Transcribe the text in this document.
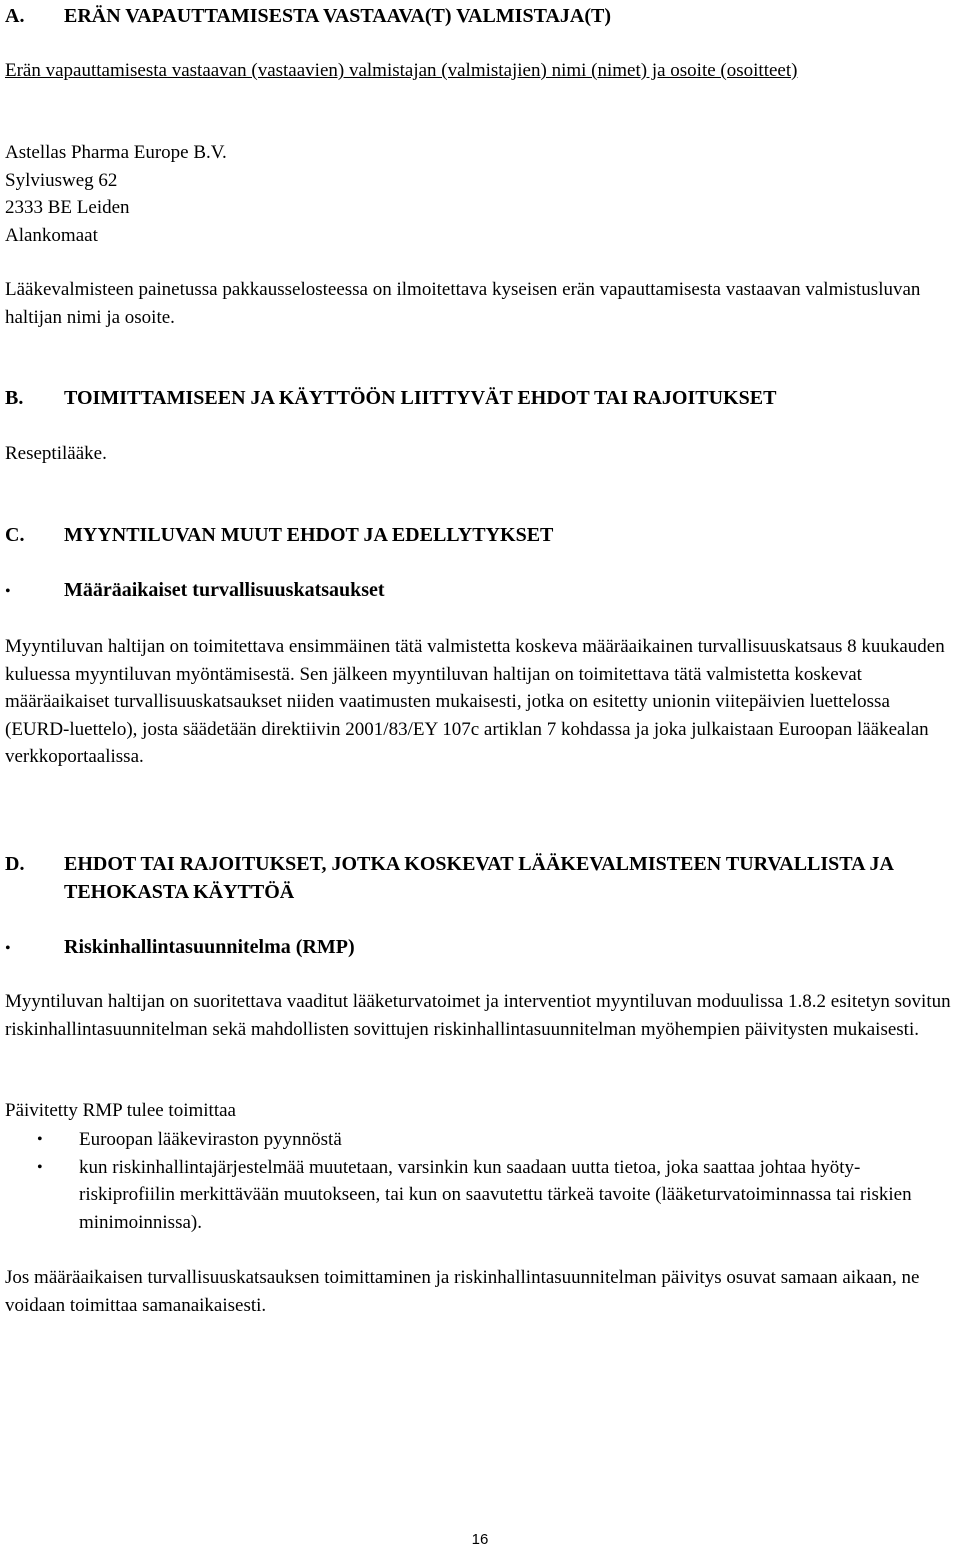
A. ERÄN VAPAUTTAMISESTA VASTAAVA(T) VALMISTAJA(T)

Erän vapauttamisesta vastaavan (vastaavien) valmistajan (valmistajien) nimi (nimet) ja osoite (osoitteet)

Astellas Pharma Europe B.V.
Sylviusweg 62
2333 BE Leiden
Alankomaat

Lääkevalmisteen painetussa pakkausselosteessa on ilmoitettava kyseisen erän vapauttamisesta vastaavan valmistusluvan haltijan nimi ja osoite.

B. TOIMITTAMISEEN JA KÄYTTÖÖN LIITTYVÄT EHDOT TAI RAJOITUKSET

Reseptilääke.

C. MYYNTILUVAN MUUT EHDOT JA EDELLYTYKSET
•	Määräaikaiset turvallisuuskatsaukset

Myyntiluvan haltijan on toimitettava ensimmäinen tätä valmistetta koskeva määräaikainen turvallisuuskatsaus 8 kuukauden kuluessa myyntiluvan myöntämisestä. Sen jälkeen myyntiluvan haltijan on toimitettava tätä valmistetta koskevat määräaikaiset turvallisuuskatsaukset niiden vaatimusten mukaisesti, jotka on esitetty unionin viitepäivien luettelossa (EURD-luettelo), josta säädetään direktiivin 2001/83/EY 107c artiklan 7 kohdassa ja joka julkaistaan Euroopan lääkealan verkkoportaalissa.

D. EHDOT TAI RAJOITUKSET, JOTKA KOSKEVAT LÄÄKEVALMISTEEN TURVALLISTA JA TEHOKASTA KÄYTTÖÄ
•	Riskinhallintasuunnitelma (RMP)

Myyntiluvan haltijan on suoritettava vaaditut lääketurvatoimet ja interventiot myyntiluvan moduulissa 1.8.2 esitetyn sovitun riskinhallintasuunnitelman sekä mahdollisten sovittujen riskinhallintasuunnitelman myöhempien päivitysten mukaisesti.

Päivitetty RMP tulee toimittaa

•	Euroopan lääkeviraston pyynnöstä
•	kun riskinhallintajärjestelmää muutetaan, varsinkin kun saadaan uutta tietoa, joka saattaa johtaa hyöty-riskiprofiilin merkittävään muutokseen, tai kun on saavutettu tärkeä tavoite (lääketurvatoiminnassa tai riskien minimoinnissa).

Jos määräaikaisen turvallisuuskatsauksen toimittaminen ja riskinhallintasuunnitelman päivitys osuvat samaan aikaan, ne voidaan toimittaa samanaikaisesti.

16
